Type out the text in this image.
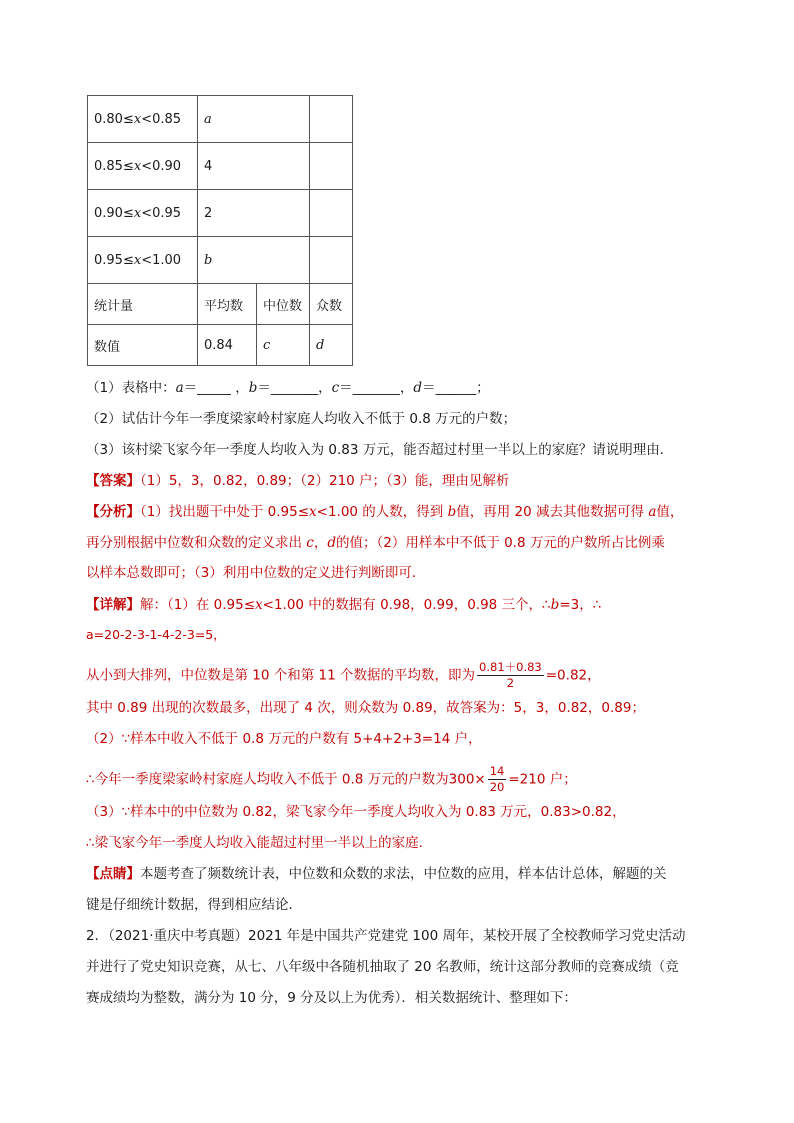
0.80≤x<0.85	a		
0.85≤x<0.90	4		
0.90≤x<0.95	2		
0.95≤x<1.00	b		
统计量	平均数	中位数	众数
数值	0.84	c	d
（1）表格中：a＝_____ ，b＝_______，c＝_______，d＝______；
（2）试估计今年一季度梁家岭村家庭人均收入不低于 0.8 万元的户数；
（3）该村梁飞家今年一季度人均收入为 0.83 万元，能否超过村里一半以上的家庭？请说明理由．
【答案】（1）5，3，0.82，0.89；（2）210 户；（3）能，理由见解析
【分析】（1）找出题干中处于 0.95≤x<1.00 的人数，得到 b值，再用 20 减去其他数据可得 a值，
再分别根据中位数和众数的定义求出 c，d的值；（2）用样本中不低于 0.8 万元的户数所占比例乘
以样本总数即可；（3）利用中位数的定义进行判断即可．
【详解】解：（1）在 0.95≤x<1.00 中的数据有 0.98，0.99，0.98 三个，∴b=3，∴
a=20-2-3-1-4-2-3=5，
从小到大排列，中位数是第 10 个和第 11 个数据的平均数，即为 $\frac{0.81+0.83}{2} =0.82$，
其中 0.89 出现的次数最多，出现了 4 次，则众数为 0.89，故答案为：5，3，0.82，0.89；
（2）∵样本中收入不低于 0.8 万元的户数有 5+4+2+3=14 户，
∴今年一季度梁家岭村家庭人均收入不低于 0.8 万元的户数为$300\times \frac{14}{20} =210$ 户；
（3）∵样本中的中位数为 0.82，梁飞家今年一季度人均收入为 0.83 万元，0.83>0.82，
∴梁飞家今年一季度人均收入能超过村里一半以上的家庭.
【点睛】本题考查了频数统计表，中位数和众数的求法，中位数的应用，样本估计总体，解题的关
键是仔细统计数据，得到相应结论．
2．（2021·重庆中考真题）2021 年是中国共产党建党 100 周年，某校开展了全校教师学习党史活动
并进行了党史知识竞赛，从七、八年级中各随机抽取了 20 名教师，统计这部分教师的竞赛成绩（竞
赛成绩均为整数，满分为 10 分，9 分及以上为优秀）．相关数据统计、整理如下：
